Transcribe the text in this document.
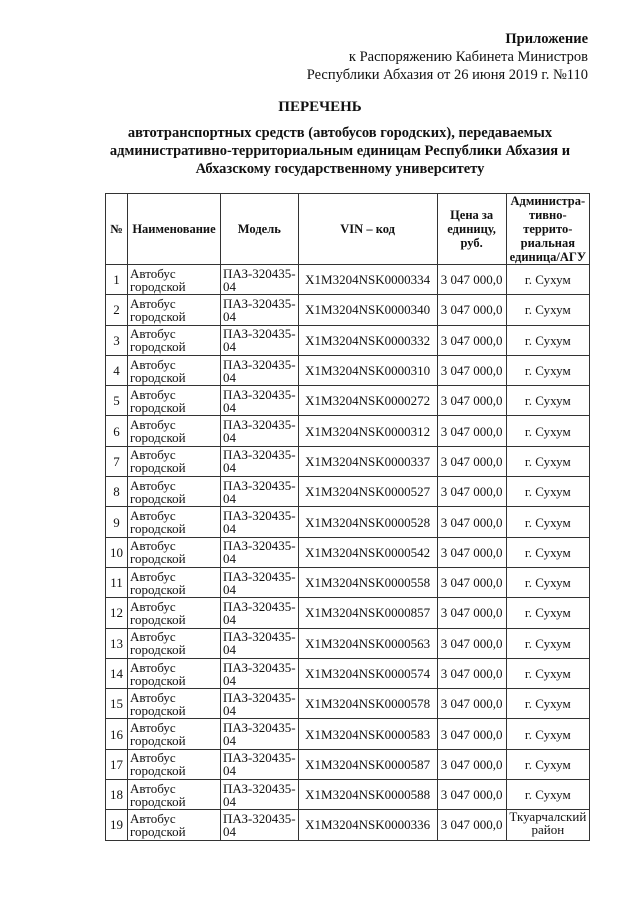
Приложение
к Распоряжению Кабинета Министров
Республики Абхазия от 26 июня 2019 г. №110
ПЕРЕЧЕНЬ
автотранспортных средств (автобусов городских), передаваемых
административно-территориальным единицам Республики Абхазия и
Абхазскому государственному университету
№	Наименование	Модель	VIN – код	Цена за единицу, руб.	Администра-тивно-террито-риальная единица/АГУ
1	Автобус городской	ПАЗ-320435-04	X1M3204NSK0000334	3 047 000,0	г. Сухум
2	Автобус городской	ПАЗ-320435-04	X1M3204NSK0000340	3 047 000,0	г. Сухум
3	Автобус городской	ПАЗ-320435-04	X1M3204NSK0000332	3 047 000,0	г. Сухум
4	Автобус городской	ПАЗ-320435-04	X1M3204NSK0000310	3 047 000,0	г. Сухум
5	Автобус городской	ПАЗ-320435-04	X1M3204NSK0000272	3 047 000,0	г. Сухум
6	Автобус городской	ПАЗ-320435-04	X1M3204NSK0000312	3 047 000,0	г. Сухум
7	Автобус городской	ПАЗ-320435-04	X1M3204NSK0000337	3 047 000,0	г. Сухум
8	Автобус городской	ПАЗ-320435-04	X1M3204NSK0000527	3 047 000,0	г. Сухум
9	Автобус городской	ПАЗ-320435-04	X1M3204NSK0000528	3 047 000,0	г. Сухум
10	Автобус городской	ПАЗ-320435-04	X1M3204NSK0000542	3 047 000,0	г. Сухум
11	Автобус городской	ПАЗ-320435-04	X1M3204NSK0000558	3 047 000,0	г. Сухум
12	Автобус городской	ПАЗ-320435-04	X1M3204NSK0000857	3 047 000,0	г. Сухум
13	Автобус городской	ПАЗ-320435-04	X1M3204NSK0000563	3 047 000,0	г. Сухум
14	Автобус городской	ПАЗ-320435-04	X1M3204NSK0000574	3 047 000,0	г. Сухум
15	Автобус городской	ПАЗ-320435-04	X1M3204NSK0000578	3 047 000,0	г. Сухум
16	Автобус городской	ПАЗ-320435-04	X1M3204NSK0000583	3 047 000,0	г. Сухум
17	Автобус городской	ПАЗ-320435-04	X1M3204NSK0000587	3 047 000,0	г. Сухум
18	Автобус городской	ПАЗ-320435-04	X1M3204NSK0000588	3 047 000,0	г. Сухум
19	Автобус городской	ПАЗ-320435-04	X1M3204NSK0000336	3 047 000,0	Ткуарчалский район
